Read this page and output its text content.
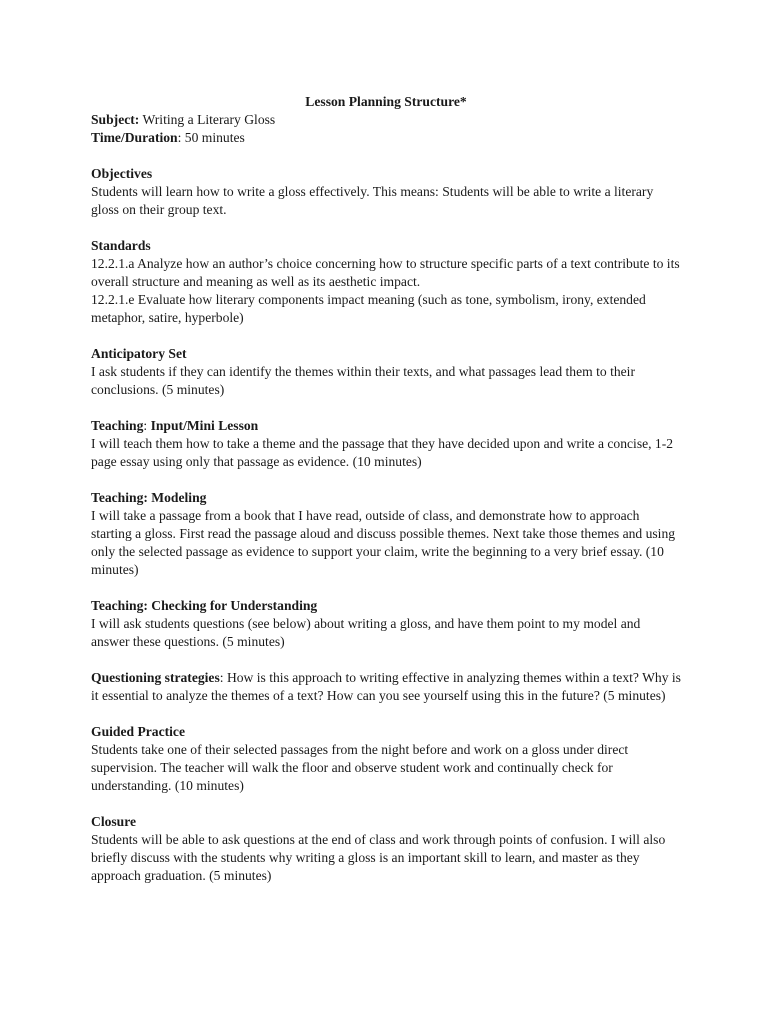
Lesson Planning Structure*

Subject: Writing a Literary Gloss

Time/Duration: 50 minutes

Objectives

Students will learn how to write a gloss effectively. This means: Students will be able to write a literary gloss on their group text.

Standards

12.2.1.a Analyze how an author’s choice concerning how to structure specific parts of a text contribute to its overall structure and meaning as well as its aesthetic impact.

12.2.1.e Evaluate how literary components impact meaning (such as tone, symbolism, irony, extended metaphor, satire, hyperbole)

Anticipatory Set

I ask students if they can identify the themes within their texts, and what passages lead them to their conclusions. (5 minutes)

Teaching: Input/Mini Lesson

I will teach them how to take a theme and the passage that they have decided upon and write a concise, 1-2 page essay using only that passage as evidence. (10 minutes)

Teaching: Modeling

I will take a passage from a book that I have read, outside of class, and demonstrate how to approach starting a gloss. First read the passage aloud and discuss possible themes. Next take those themes and using only the selected passage as evidence to support your claim, write the beginning to a very brief essay. (10 minutes)

Teaching: Checking for Understanding

I will ask students questions (see below) about writing a gloss, and have them point to my model and answer these questions. (5 minutes)

Questioning strategies: How is this approach to writing effective in analyzing themes within a text? Why is it essential to analyze the themes of a text? How can you see yourself using this in the future? (5 minutes)

Guided Practice

Students take one of their selected passages from the night before and work on a gloss under direct supervision. The teacher will walk the floor and observe student work and continually check for understanding. (10 minutes)

Closure

Students will be able to ask questions at the end of class and work through points of confusion. I will also briefly discuss with the students why writing a gloss is an important skill to learn, and master as they approach graduation. (5 minutes)
